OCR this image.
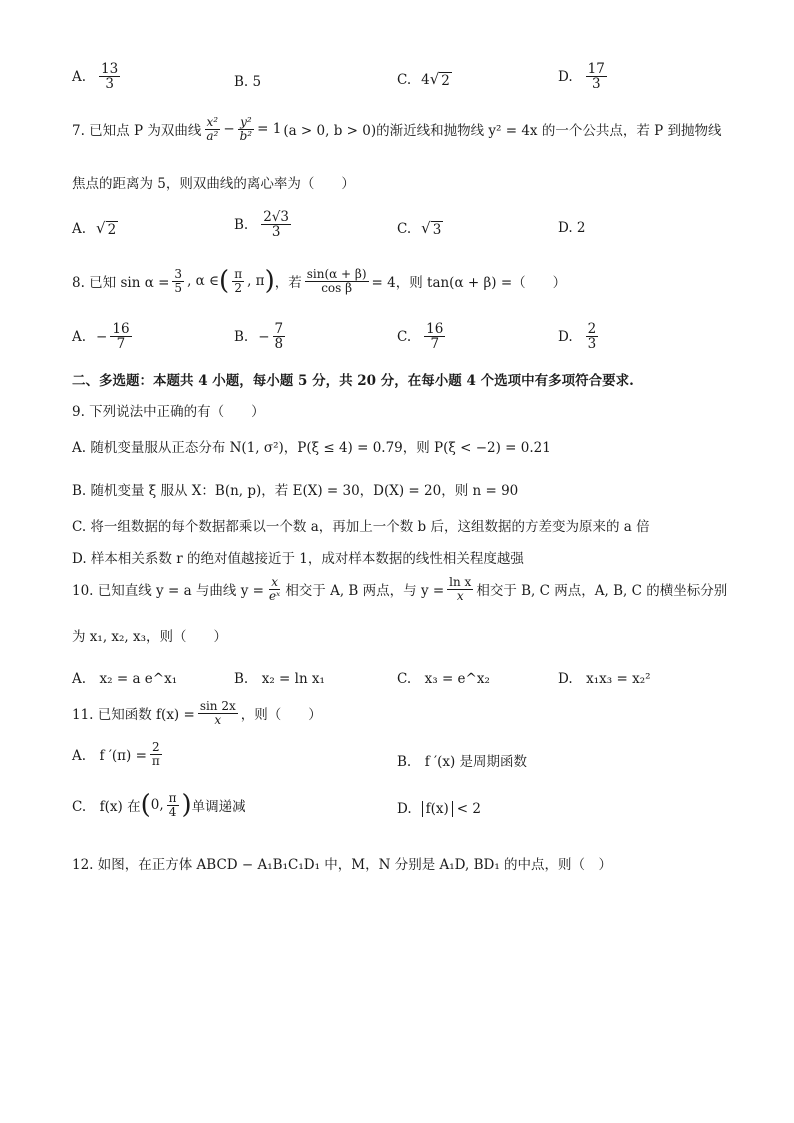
A. $\frac{13}{3}$	B. 5	C. 4 √ 2	D. $\frac{17}{3}$
7. 已知点 P 为双曲线 $\frac{\text{x²}}{\text{a²}} - \frac{\text{y²}}{\text{b²}} = 1$ (a > 0, b > 0)的渐近线和抛物线 y² = 4x 的一个公共点，若 P 到抛物线
焦点的距离为 5，则双曲线的离心率为（　　）
A. √ 2	B. $\frac{2√3}{3}$	C. √ 3	D. 2
8. 已知 $\sin \alpha = \frac{3}{5}$ , α ∈ ( $\frac{\pi}{2}$ , π ) ，若 $\frac{\sin(\alpha + \beta)}{\text{cos β}} = 4$，则 tan(α + β) =（　　）
A. − $\frac{16}{7}$	B. − $\frac{7}{8}$	C. $\frac{16}{7}$	D. $\frac{2}{3}$
二、多选题：本题共 4 小题，每小题 5 分，共 20 分，在每小题 4 个选项中有多项符合要求.
9. 下列说法中正确的有（　　）
A. 随机变量服从正态分布 N(1, σ²)，P(ξ ≤ 4) = 0.79，则 P(ξ < −2) = 0.21
B. 随机变量 ξ 服从 X：B(n, p)，若 E(X) = 30，D(X) = 20，则 n = 90
C. 将一组数据的每个数据都乘以一个数 a，再加上一个数 b 后，这组数据的方差变为原来的 a 倍
D. 样本相关系数 r 的绝对值越接近于 1，成对样本数据的线性相关程度越强
10. 已知直线 y = a 与曲线 $y = \frac{x}{\text{eˣ}}$ 相交于 A, B 两点，与 $y = \frac{\text{ln x}}{x}$ 相交于 B, C 两点，A, B, C 的横坐标分别
为 x₁, x₂, x₃，则（　　）
A.　x₂ = a e^x₁	B.　x₂ = ln x₁	C.　x₃ = e^x₂	D.　x₁x₃ = x₂²
11. 已知函数 $f(x) = \frac{\sin 2x}{x}$ ，则（　　）
A.　f $'(\pi) = \frac{2}{\pi}$	B.　f ′(x) 是周期函数
C.　f(x) 在 ( 0, $\frac{\pi}{4}$ ) 单调递减	D. f(x) < 2
12. 如图，在正方体 ABCD − A₁B₁C₁D₁ 中，M，N 分别是 A₁D, BD₁ 的中点，则（　）
